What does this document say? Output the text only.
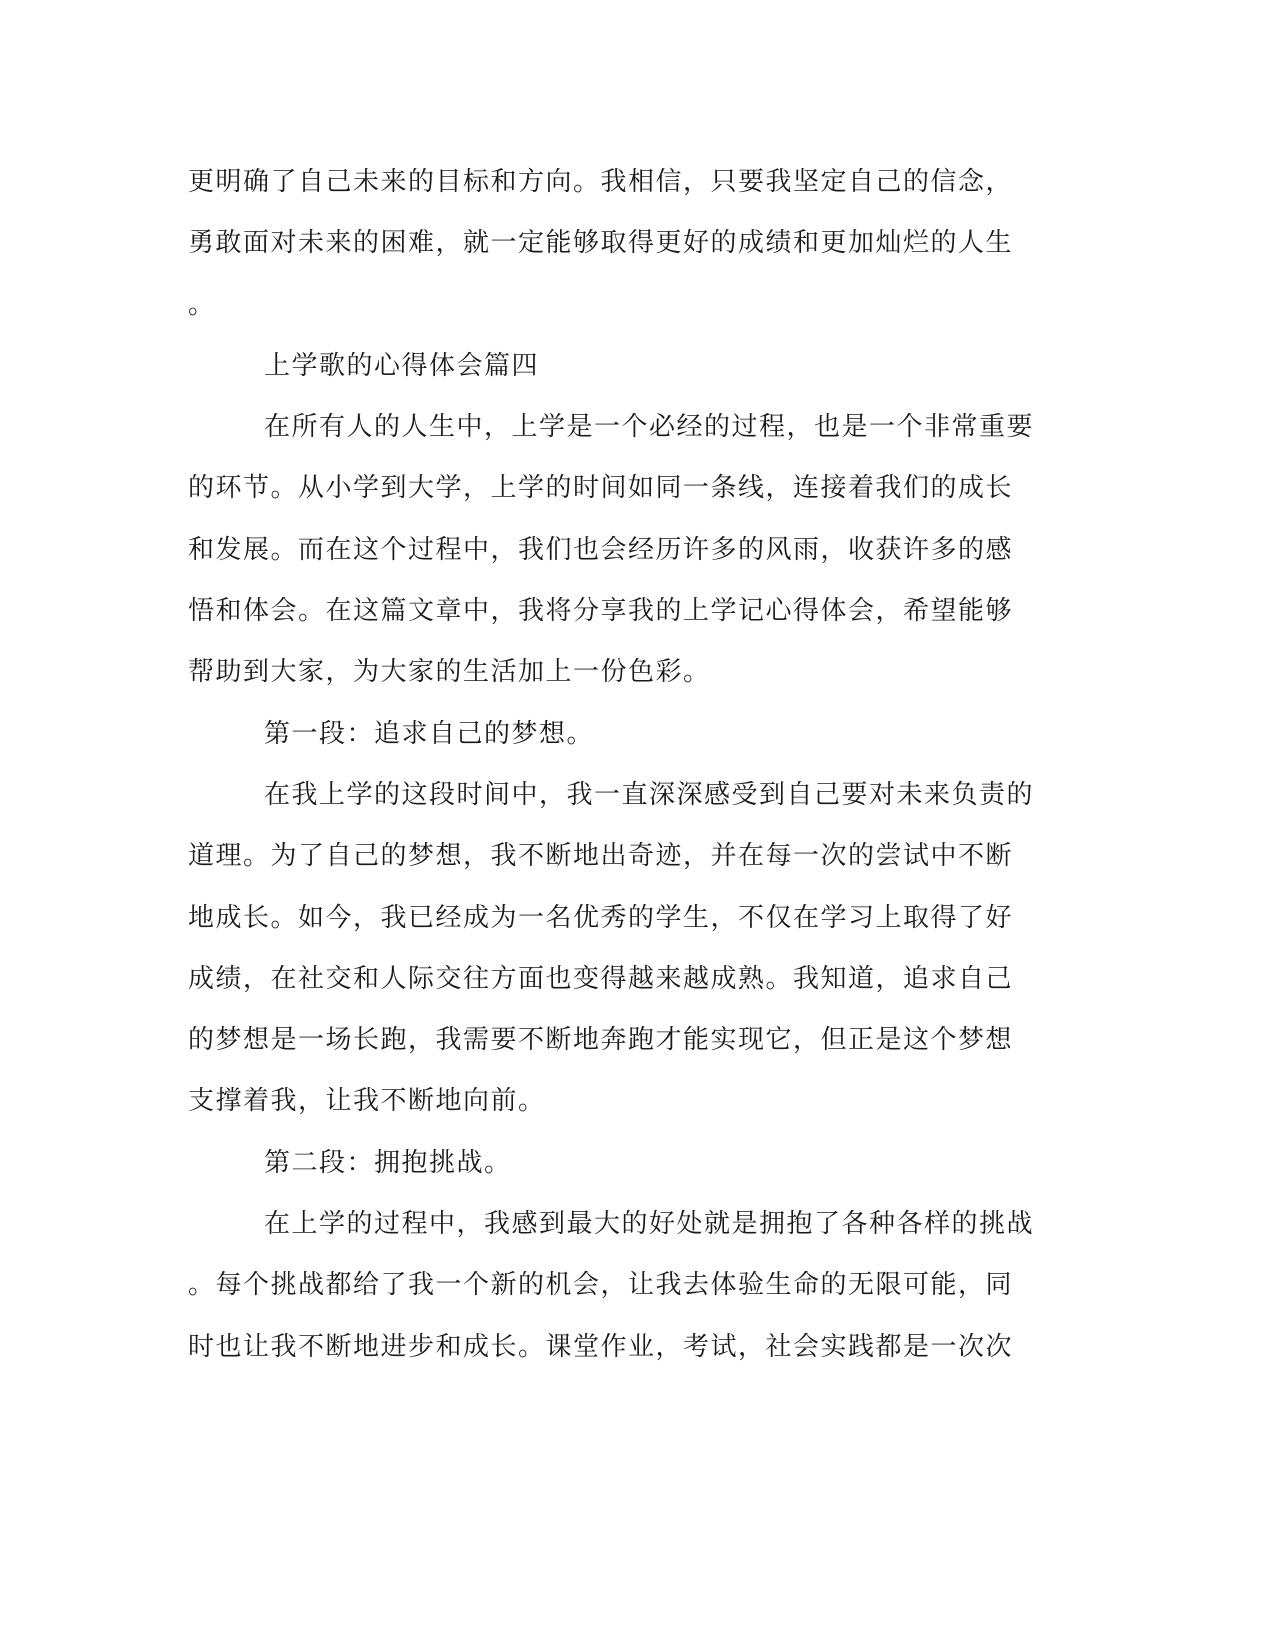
更明确了自己未来的目标和方向。我相信，只要我坚定自己的信念，
勇敢面对未来的困难，就一定能够取得更好的成绩和更加灿烂的人生
。
上学歌的心得体会篇四
在所有人的人生中，上学是一个必经的过程，也是一个非常重要
的环节。从小学到大学，上学的时间如同一条线，连接着我们的成长
和发展。而在这个过程中，我们也会经历许多的风雨，收获许多的感
悟和体会。在这篇文章中，我将分享我的上学记心得体会，希望能够
帮助到大家，为大家的生活加上一份色彩。
第一段：追求自己的梦想。
在我上学的这段时间中，我一直深深感受到自己要对未来负责的
道理。为了自己的梦想，我不断地出奇迹，并在每一次的尝试中不断
地成长。如今，我已经成为一名优秀的学生，不仅在学习上取得了好
成绩，在社交和人际交往方面也变得越来越成熟。我知道，追求自己
的梦想是一场长跑，我需要不断地奔跑才能实现它，但正是这个梦想
支撑着我，让我不断地向前。
第二段：拥抱挑战。
在上学的过程中，我感到最大的好处就是拥抱了各种各样的挑战
。每个挑战都给了我一个新的机会，让我去体验生命的无限可能，同
时也让我不断地进步和成长。课堂作业，考试，社会实践都是一次次
